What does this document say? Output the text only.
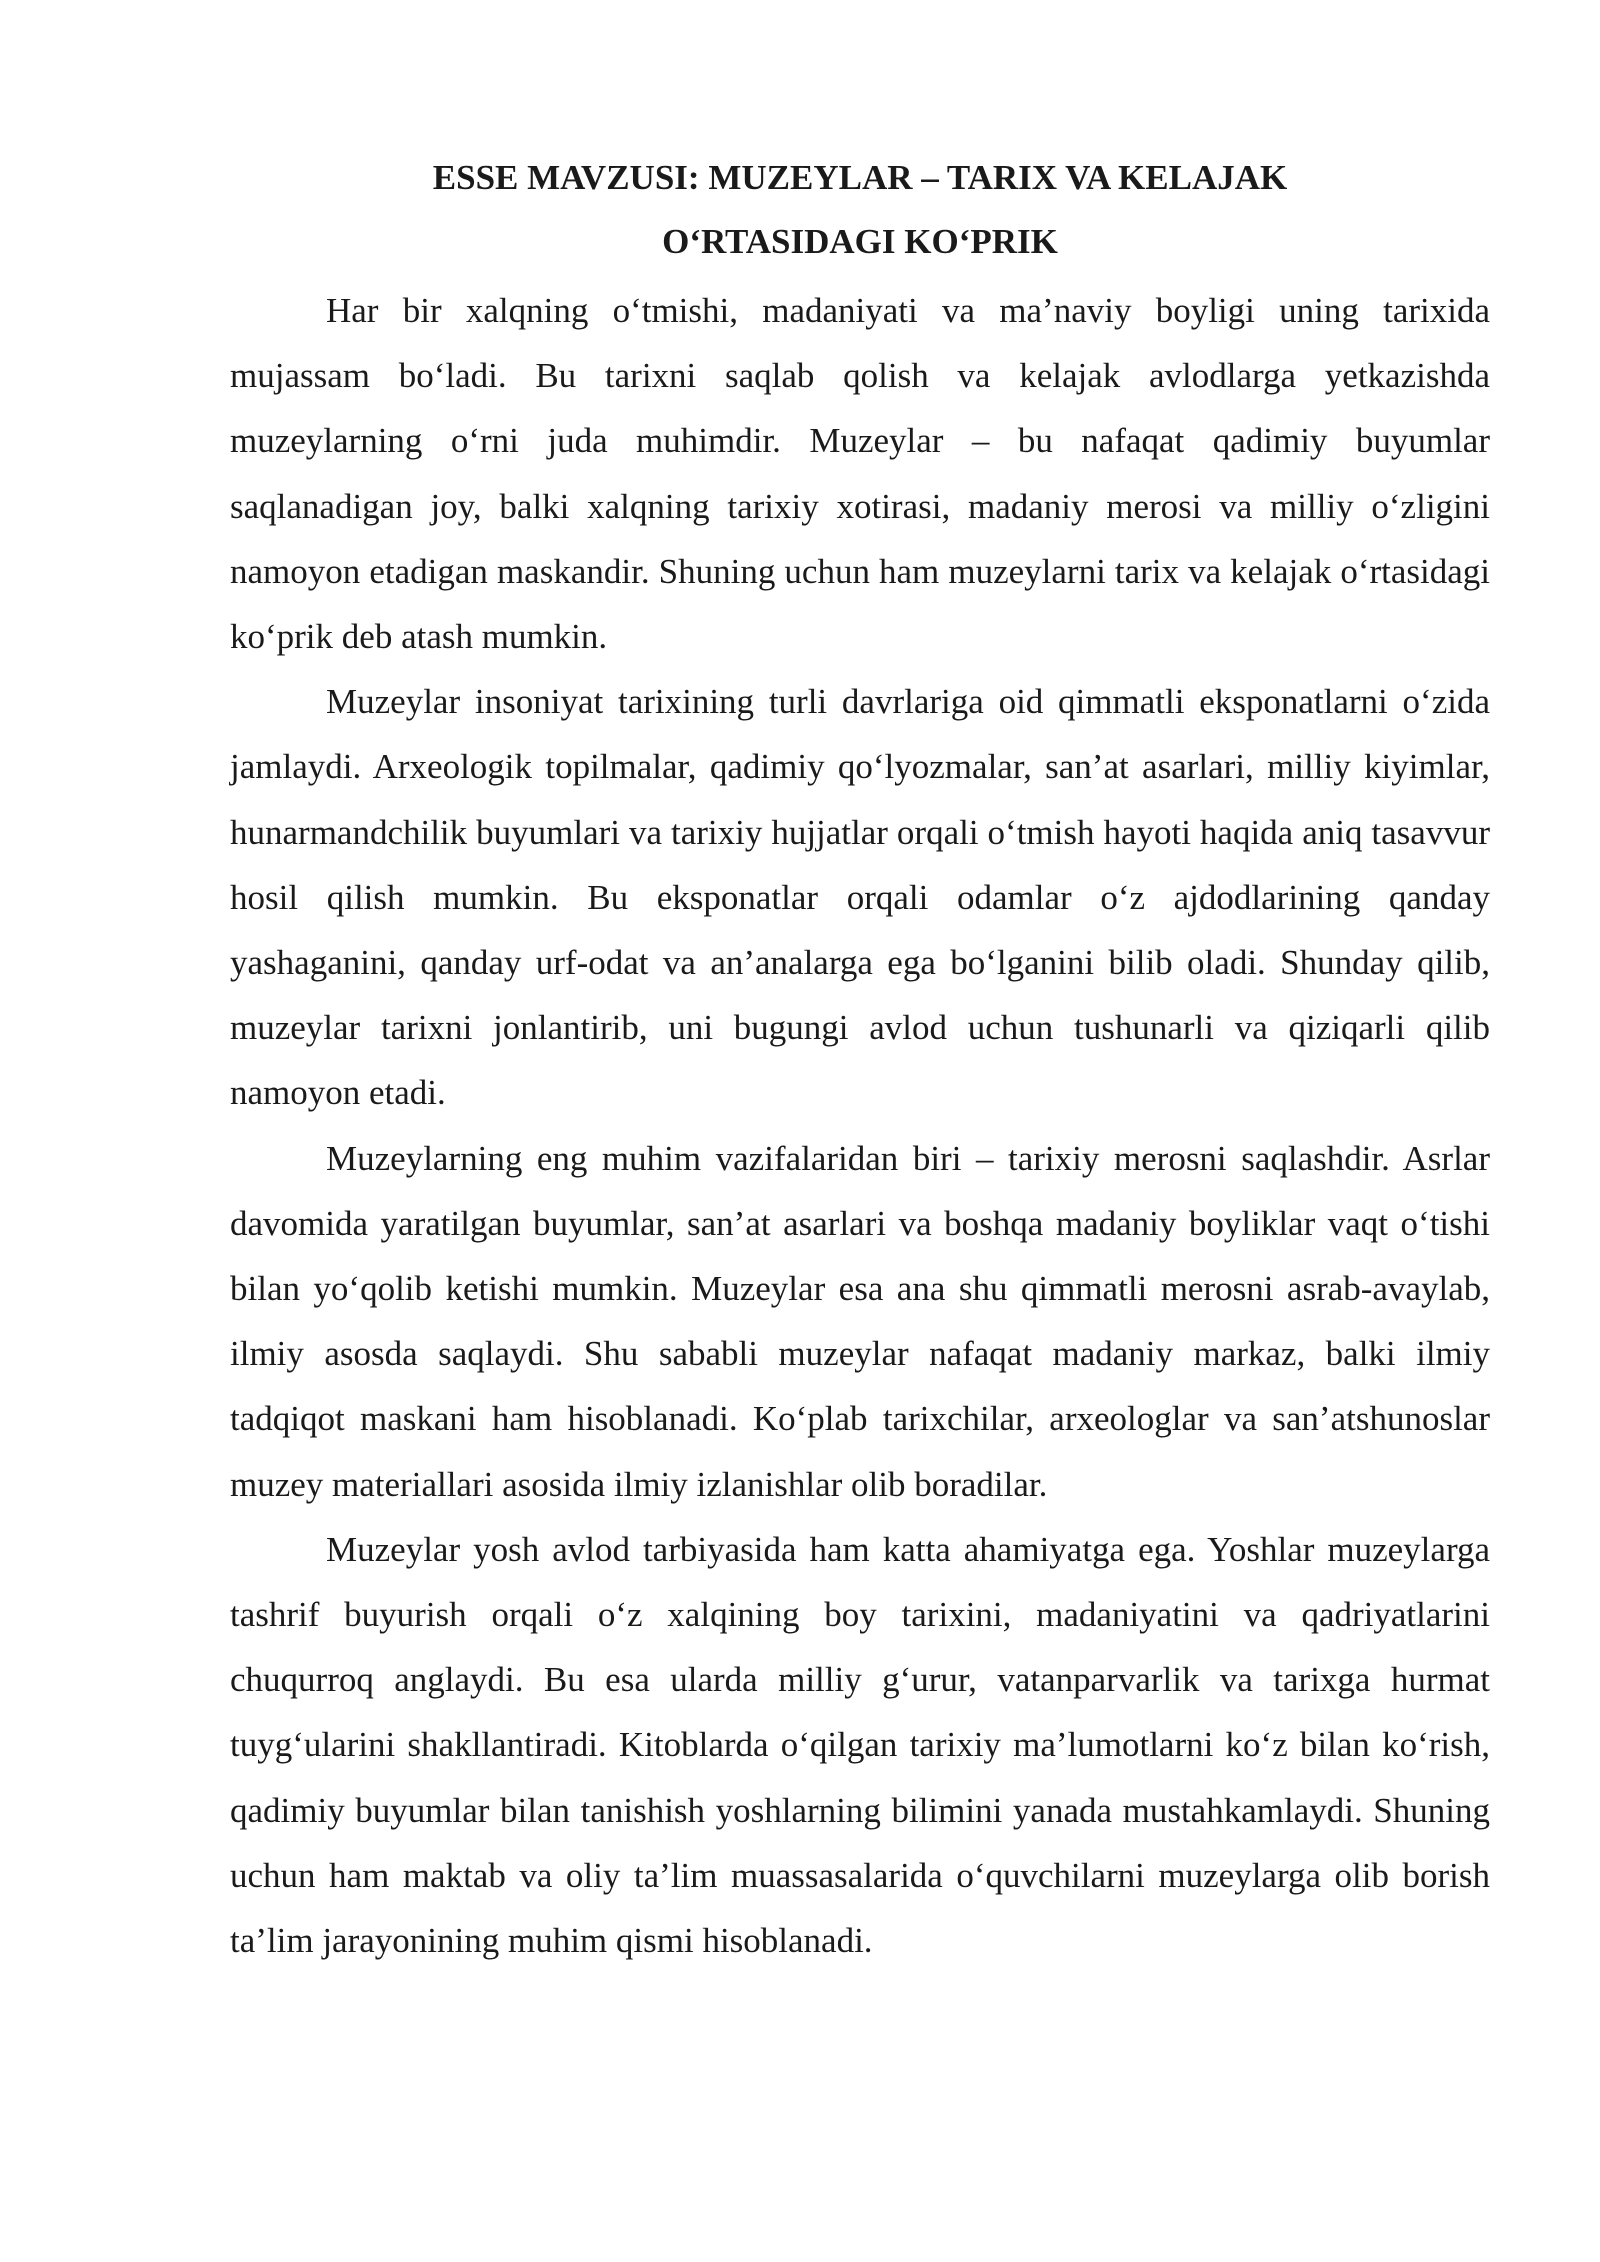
ESSE MAVZUSI: MUZEYLAR – TARIX VA KELAJAK
O‘RTASIDAGI KO‘PRIK

Har bir xalqning o‘tmishi, madaniyati va ma’naviy boyligi uning tarixida mujassam bo‘ladi. Bu tarixni saqlab qolish va kelajak avlodlarga yetkazishda muzeylarning o‘rni juda muhimdir. Muzeylar – bu nafaqat qadimiy buyumlar saqlanadigan joy, balki xalqning tarixiy xotirasi, madaniy merosi va milliy o‘zligini namoyon etadigan maskandir. Shuning uchun ham muzeylarni tarix va kelajak o‘rtasidagi ko‘prik deb atash mumkin.

Muzeylar insoniyat tarixining turli davrlariga oid qimmatli eksponatlarni o‘zida jamlaydi. Arxeologik topilmalar, qadimiy qo‘lyozmalar, san’at asarlari, milliy kiyimlar, hunarmandchilik buyumlari va tarixiy hujjatlar orqali o‘tmish hayoti haqida aniq tasavvur hosil qilish mumkin. Bu eksponatlar orqali odamlar o‘z ajdodlarining qanday yashaganini, qanday urf-odat va an’analarga ega bo‘lganini bilib oladi. Shunday qilib, muzeylar tarixni jonlantirib, uni bugungi avlod uchun tushunarli va qiziqarli qilib namoyon etadi.

Muzeylarning eng muhim vazifalaridan biri – tarixiy merosni saqlashdir. Asrlar davomida yaratilgan buyumlar, san’at asarlari va boshqa madaniy boyliklar vaqt o‘tishi bilan yo‘qolib ketishi mumkin. Muzeylar esa ana shu qimmatli merosni asrab-avaylab, ilmiy asosda saqlaydi. Shu sababli muzeylar nafaqat madaniy markaz, balki ilmiy tadqiqot maskani ham hisoblanadi. Ko‘plab tarixchilar, arxeologlar va san’atshunoslar muzey materiallari asosida ilmiy izlanishlar olib boradilar.

Muzeylar yosh avlod tarbiyasida ham katta ahamiyatga ega. Yoshlar muzeylarga tashrif buyurish orqali o‘z xalqining boy tarixini, madaniyatini va qadriyatlarini chuqurroq anglaydi. Bu esa ularda milliy g‘urur, vatanparvarlik va tarixga hurmat tuyg‘ularini shakllantiradi. Kitoblarda o‘qilgan tarixiy ma’lumotlarni ko‘z bilan ko‘rish, qadimiy buyumlar bilan tanishish yoshlarning bilimini yanada mustahkamlaydi. Shuning uchun ham maktab va oliy ta’lim muassasalarida o‘quvchilarni muzeylarga olib borish ta’lim jarayonining muhim qismi hisoblanadi.
